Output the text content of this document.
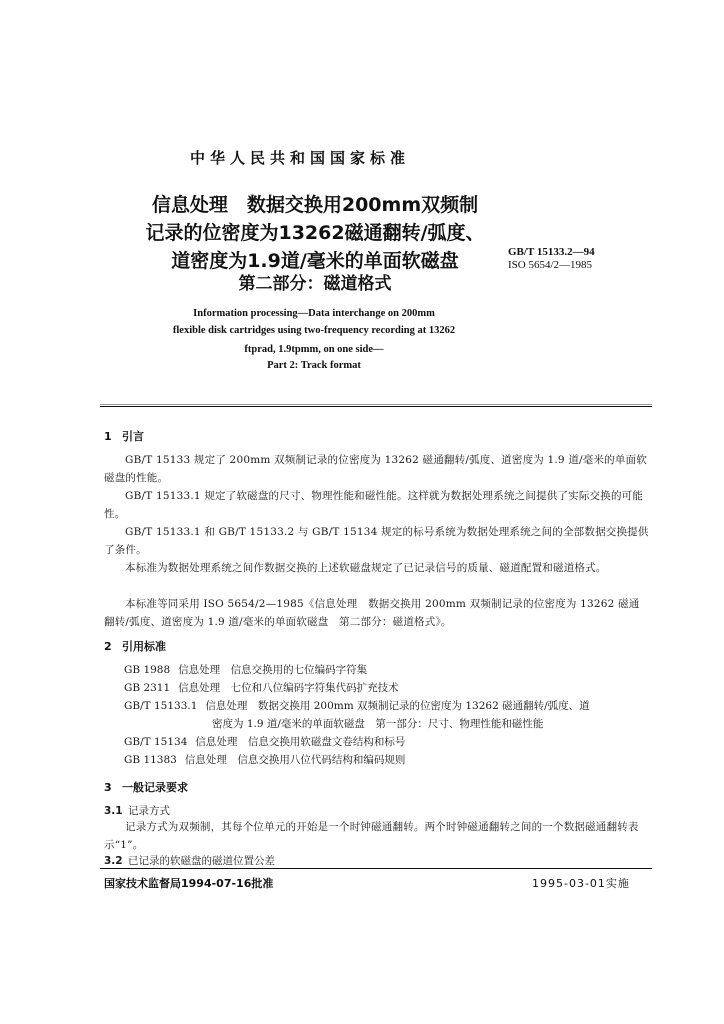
中华人民共和国国家标准
信息处理　数据交换用200mm双频制
记录的位密度为13262磁通翻转/弧度、
道密度为1.9道/毫米的单面软磁盘
第二部分：磁道格式
GB/T 15133.2—94
ISO 5654/2—1985
Information processing—Data interchange on 200mm
flexible disk cartridges using two-frequency recording at 13262
ftprad, 1.9tpmm, on one side—
Part 2: Track format
1 引言
GB/T 15133 规定了 200mm 双频制记录的位密度为 13262 磁通翻转/弧度、道密度为 1.9 道/毫米的单面软磁盘的性能。
GB/T 15133.1 规定了软磁盘的尺寸、物理性能和磁性能。这样就为数据处理系统之间提供了实际交换的可能性。
GB/T 15133.1 和 GB/T 15133.2 与 GB/T 15134 规定的标号系统为数据处理系统之间的全部数据交换提供了条件。
本标准为数据处理系统之间作数据交换的上述软磁盘规定了已记录信号的质量、磁道配置和磁道格式。
本标准等同采用 ISO 5654/2—1985《信息处理　数据交换用 200mm 双频制记录的位密度为 13262 磁通翻转/弧度、道密度为 1.9 道/毫米的单面软磁盘　第二部分：磁道格式》。
2 引用标准
GB 1988 信息处理　信息交换用的七位编码字符集
GB 2311 信息处理　七位和八位编码字符集代码扩充技术
GB/T 15133.1 信息处理　数据交换用 200mm 双频制记录的位密度为 13262 磁通翻转/弧度、道
密度为 1.9 道/毫米的单面软磁盘　第一部分：尺寸、物理性能和磁性能
GB/T 15134 信息处理　信息交换用软磁盘文卷结构和标号
GB 11383 信息处理　信息交换用八位代码结构和编码规则
3 一般记录要求
3.1 记录方式
记录方式为双频制，其每个位单元的开始是一个时钟磁通翻转。两个时钟磁通翻转之间的一个数据磁通翻转表示“1”。
3.2 已记录的软磁盘的磁道位置公差
国家技术监督局1994-07-16批准	1995-03-01实施
